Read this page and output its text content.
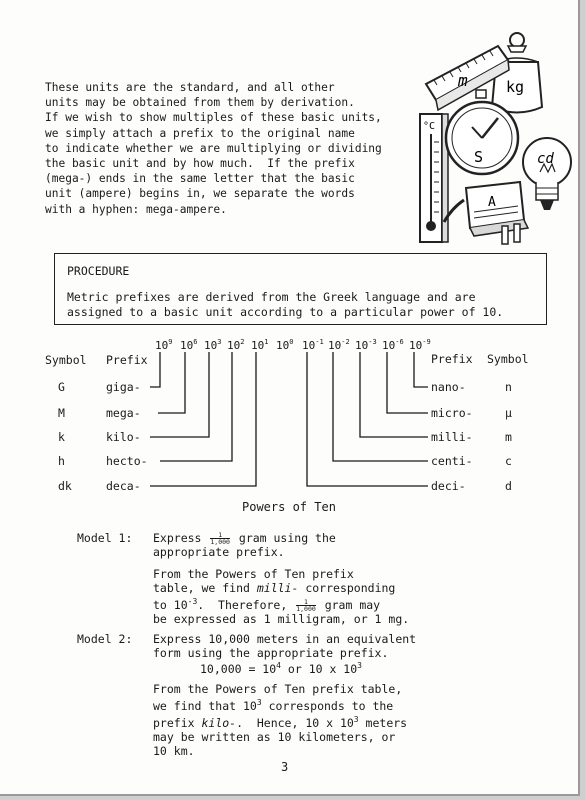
These units are the standard, and all other
units may be obtained from them by derivation.
If we wish to show multiples of these basic units,
we simply attach a prefix to the original name
to indicate whether we are multiplying or dividing
the basic unit and by how much.  If the prefix
(mega-) ends in the same letter that the basic
unit (ampere) begins in, we separate the words
with a hyphen: mega-ampere.

kg
m
°C
S	cd
A
PROCEDURE

Metric prefixes are derived from the Greek language and are
assigned to a basic unit according to a particular power of 10.

Symbol Prefix	Prefix Symbol
$10^9$ $10^6$ $10^3$ $10^2$ $10^1$ $10^0$ $10^{-1}$ $10^{-2}$ $10^{-3}$ $10^{-6}$ $10^{-9}$
G	giga-
M	mega-
k	kilo-
h	hecto-
dk	deca-
nano-	n
micro-	μ
milli-	m
centi-	c
deci-	d
Powers of Ten
Model 1: Express $\frac{1}{1,000}$ gram using the
appropriate prefix.
From the Powers of Ten prefix
table, we find milli- corresponding
to $10^{-3}$.  Therefore, $\frac{1}{1,000}$ gram may
be expressed as 1 milligram, or 1 mg.
Model 2: Express 10,000 meters in an equivalent
form using the appropriate prefix.
$10,000 = 10^4$ or 10 x $10^3$
From the Powers of Ten prefix table,
we find that $10^3$ corresponds to the
prefix kilo-.  Hence, 10 x $10^3$ meters
may be written as 10 kilometers, or
10 km.
3
